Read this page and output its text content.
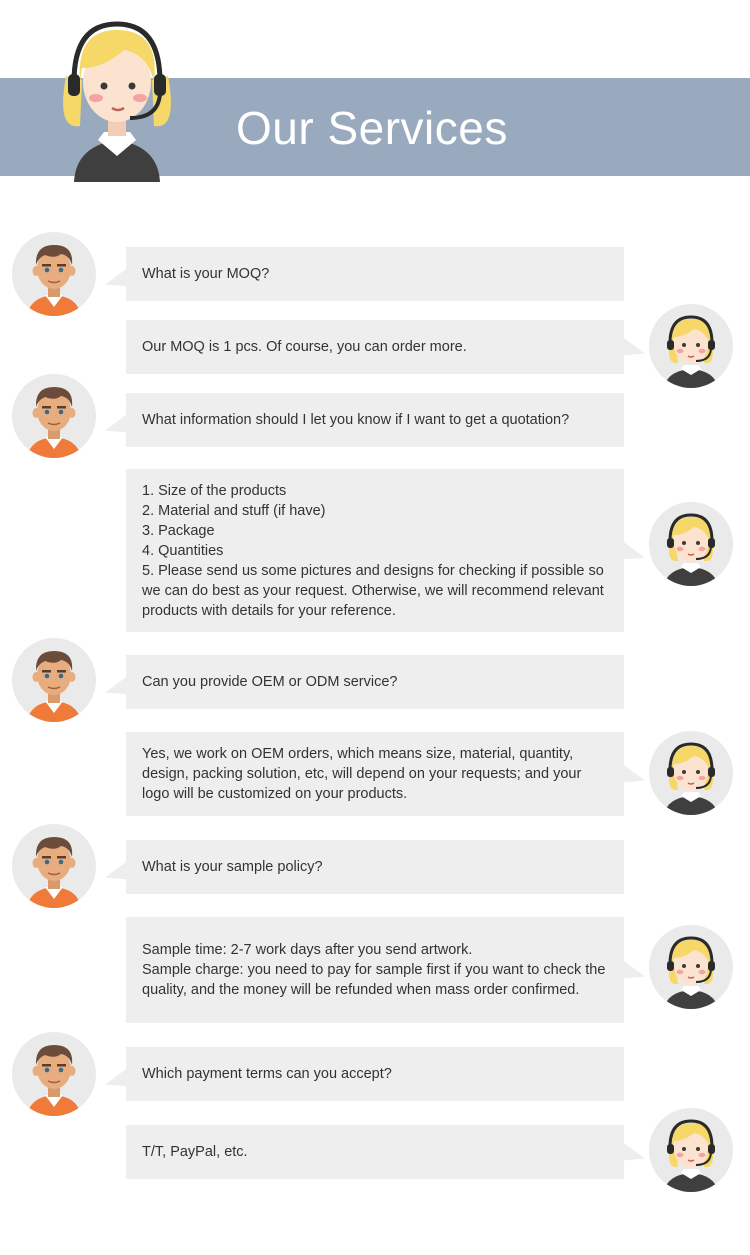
Our Services
What is your MOQ?
Our MOQ is 1 pcs. Of course, you can order more.
What information should I let you know if I want to get a quotation?
1. Size of the products
2. Material and stuff (if have)
3. Package
4. Quantities
5. Please send us some pictures and designs for checking if possible so we can do best as your request. Otherwise, we will recommend relevant products with details for your reference.
Can you provide OEM or ODM service?
Yes, we work on OEM orders, which means size, material, quantity, design, packing solution, etc, will depend on your requests; and your logo will be customized on your products.
What is your sample policy?
Sample time: 2-7 work days after you send artwork.
Sample charge: you need to pay for sample first if you want to check the quality, and the money will be refunded when mass order confirmed.
Which payment terms can you accept?
T/T, PayPal, etc.
